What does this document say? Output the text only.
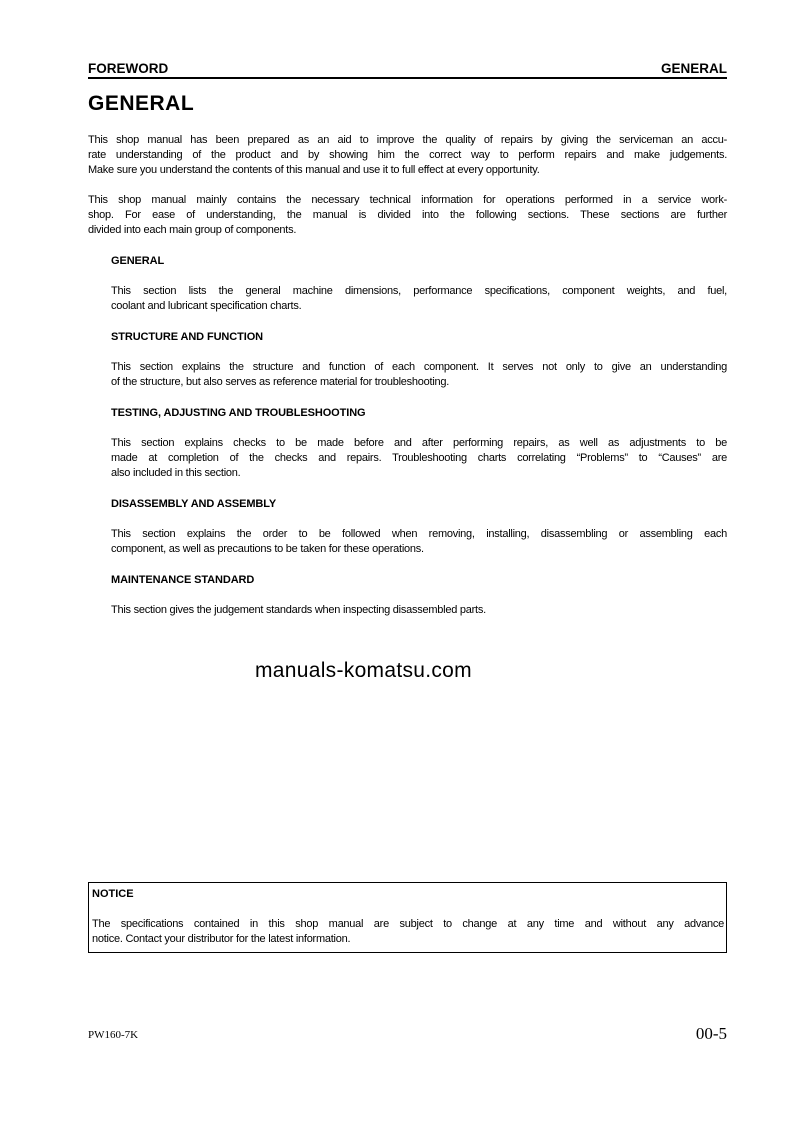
FOREWORD	GENERAL
GENERAL
This shop manual has been prepared as an aid to improve the quality of repairs by giving the serviceman an accu-
rate understanding of the product and by showing him the correct way to perform repairs and make judgements.
Make sure you understand the contents of this manual and use it to full effect at every opportunity.
This shop manual mainly contains the necessary technical information for operations performed in a service work-
shop. For ease of understanding, the manual is divided into the following sections. These sections are further
divided into each main group of components.
GENERAL
This section lists the general machine dimensions, performance specifications, component weights, and fuel,
coolant and lubricant specification charts.
STRUCTURE AND FUNCTION
This section explains the structure and function of each component. It serves not only to give an understanding
of the structure, but also serves as reference material for troubleshooting.
TESTING, ADJUSTING AND TROUBLESHOOTING
This section explains checks to be made before and after performing repairs, as well as adjustments to be
made at completion of the checks and repairs. Troubleshooting charts correlating “Problems” to “Causes” are
also included in this section.
DISASSEMBLY AND ASSEMBLY
This section explains the order to be followed when removing, installing, disassembling or assembling each
component, as well as precautions to be taken for these operations.
MAINTENANCE STANDARD
This section gives the judgement standards when inspecting disassembled parts.
manuals-komatsu.com
NOTICE
The specifications contained in this shop manual are subject to change at any time and without any advance
notice. Contact your distributor for the latest information.
PW160-7K	00-5
